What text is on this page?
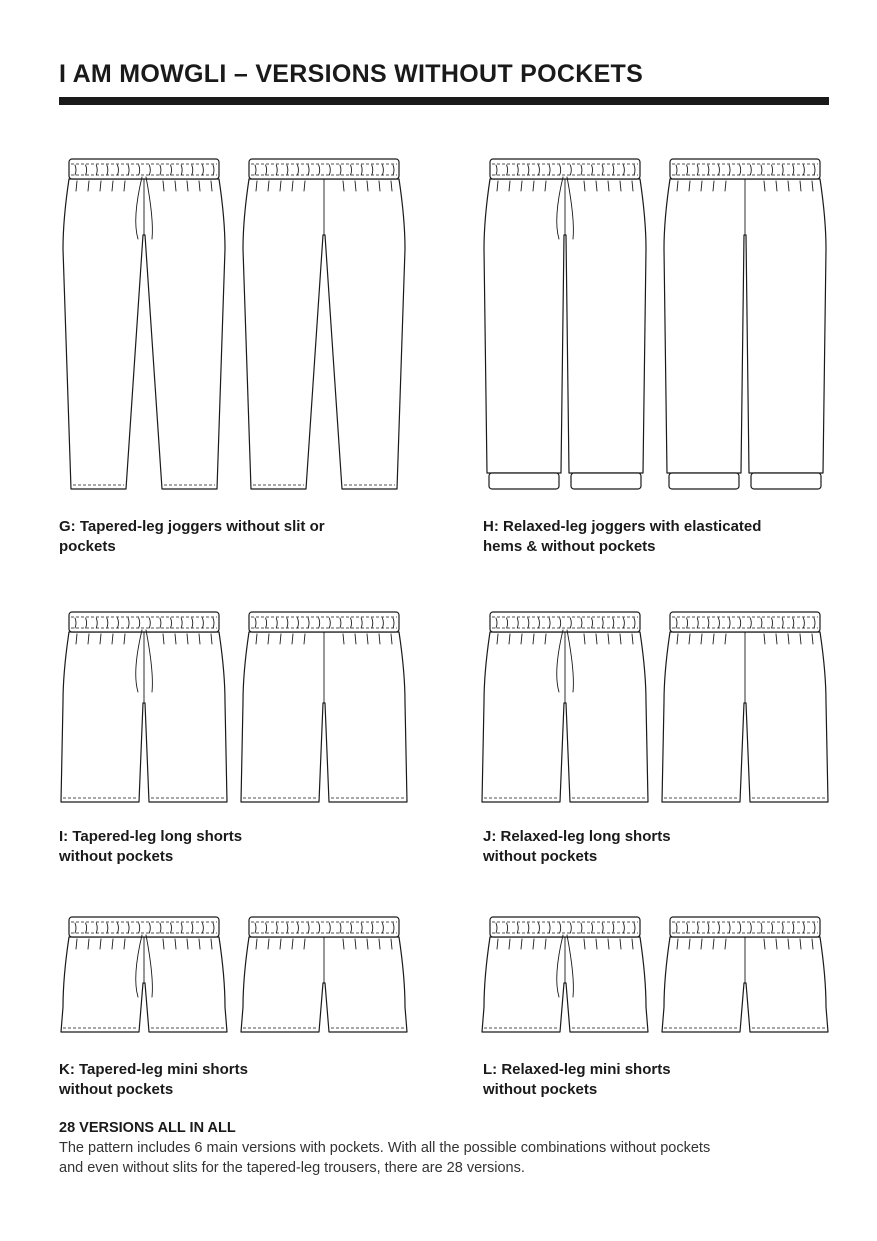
I AM MOWGLI – VERSIONS WITHOUT POCKETS
G: Tapered-leg joggers without slit or
pockets
H: Relaxed-leg joggers with elasticated
hems & without pockets
I: Tapered-leg long shorts
without pockets
J: Relaxed-leg long shorts
without pockets
K: Tapered-leg mini shorts
without pockets
L: Relaxed-leg mini shorts
without pockets
28 VERSIONS ALL IN ALL
The pattern includes 6 main versions with pockets. With all the possible combinations without pockets
and even without slits for the tapered-leg trousers, there are 28 versions.
